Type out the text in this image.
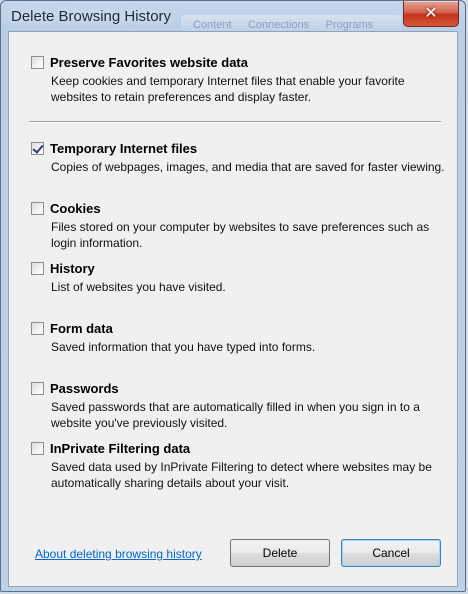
Content Connections Programs
Delete Browsing History	✕
Preserve Favorites website data
Keep cookies and temporary Internet files that enable your favorite websites to retain preferences and display faster.
Temporary Internet files
Copies of webpages, images, and media that are saved for faster viewing.
Cookies
Files stored on your computer by websites to save preferences such as login information.
History
List of websites you have visited.
Form data
Saved information that you have typed into forms.
Passwords
Saved passwords that are automatically filled in when you sign in to a website you've previously visited.
InPrivate Filtering data
Saved data used by InPrivate Filtering to detect where websites may be automatically sharing details about your visit.
About deleting browsing history	Delete	Cancel
